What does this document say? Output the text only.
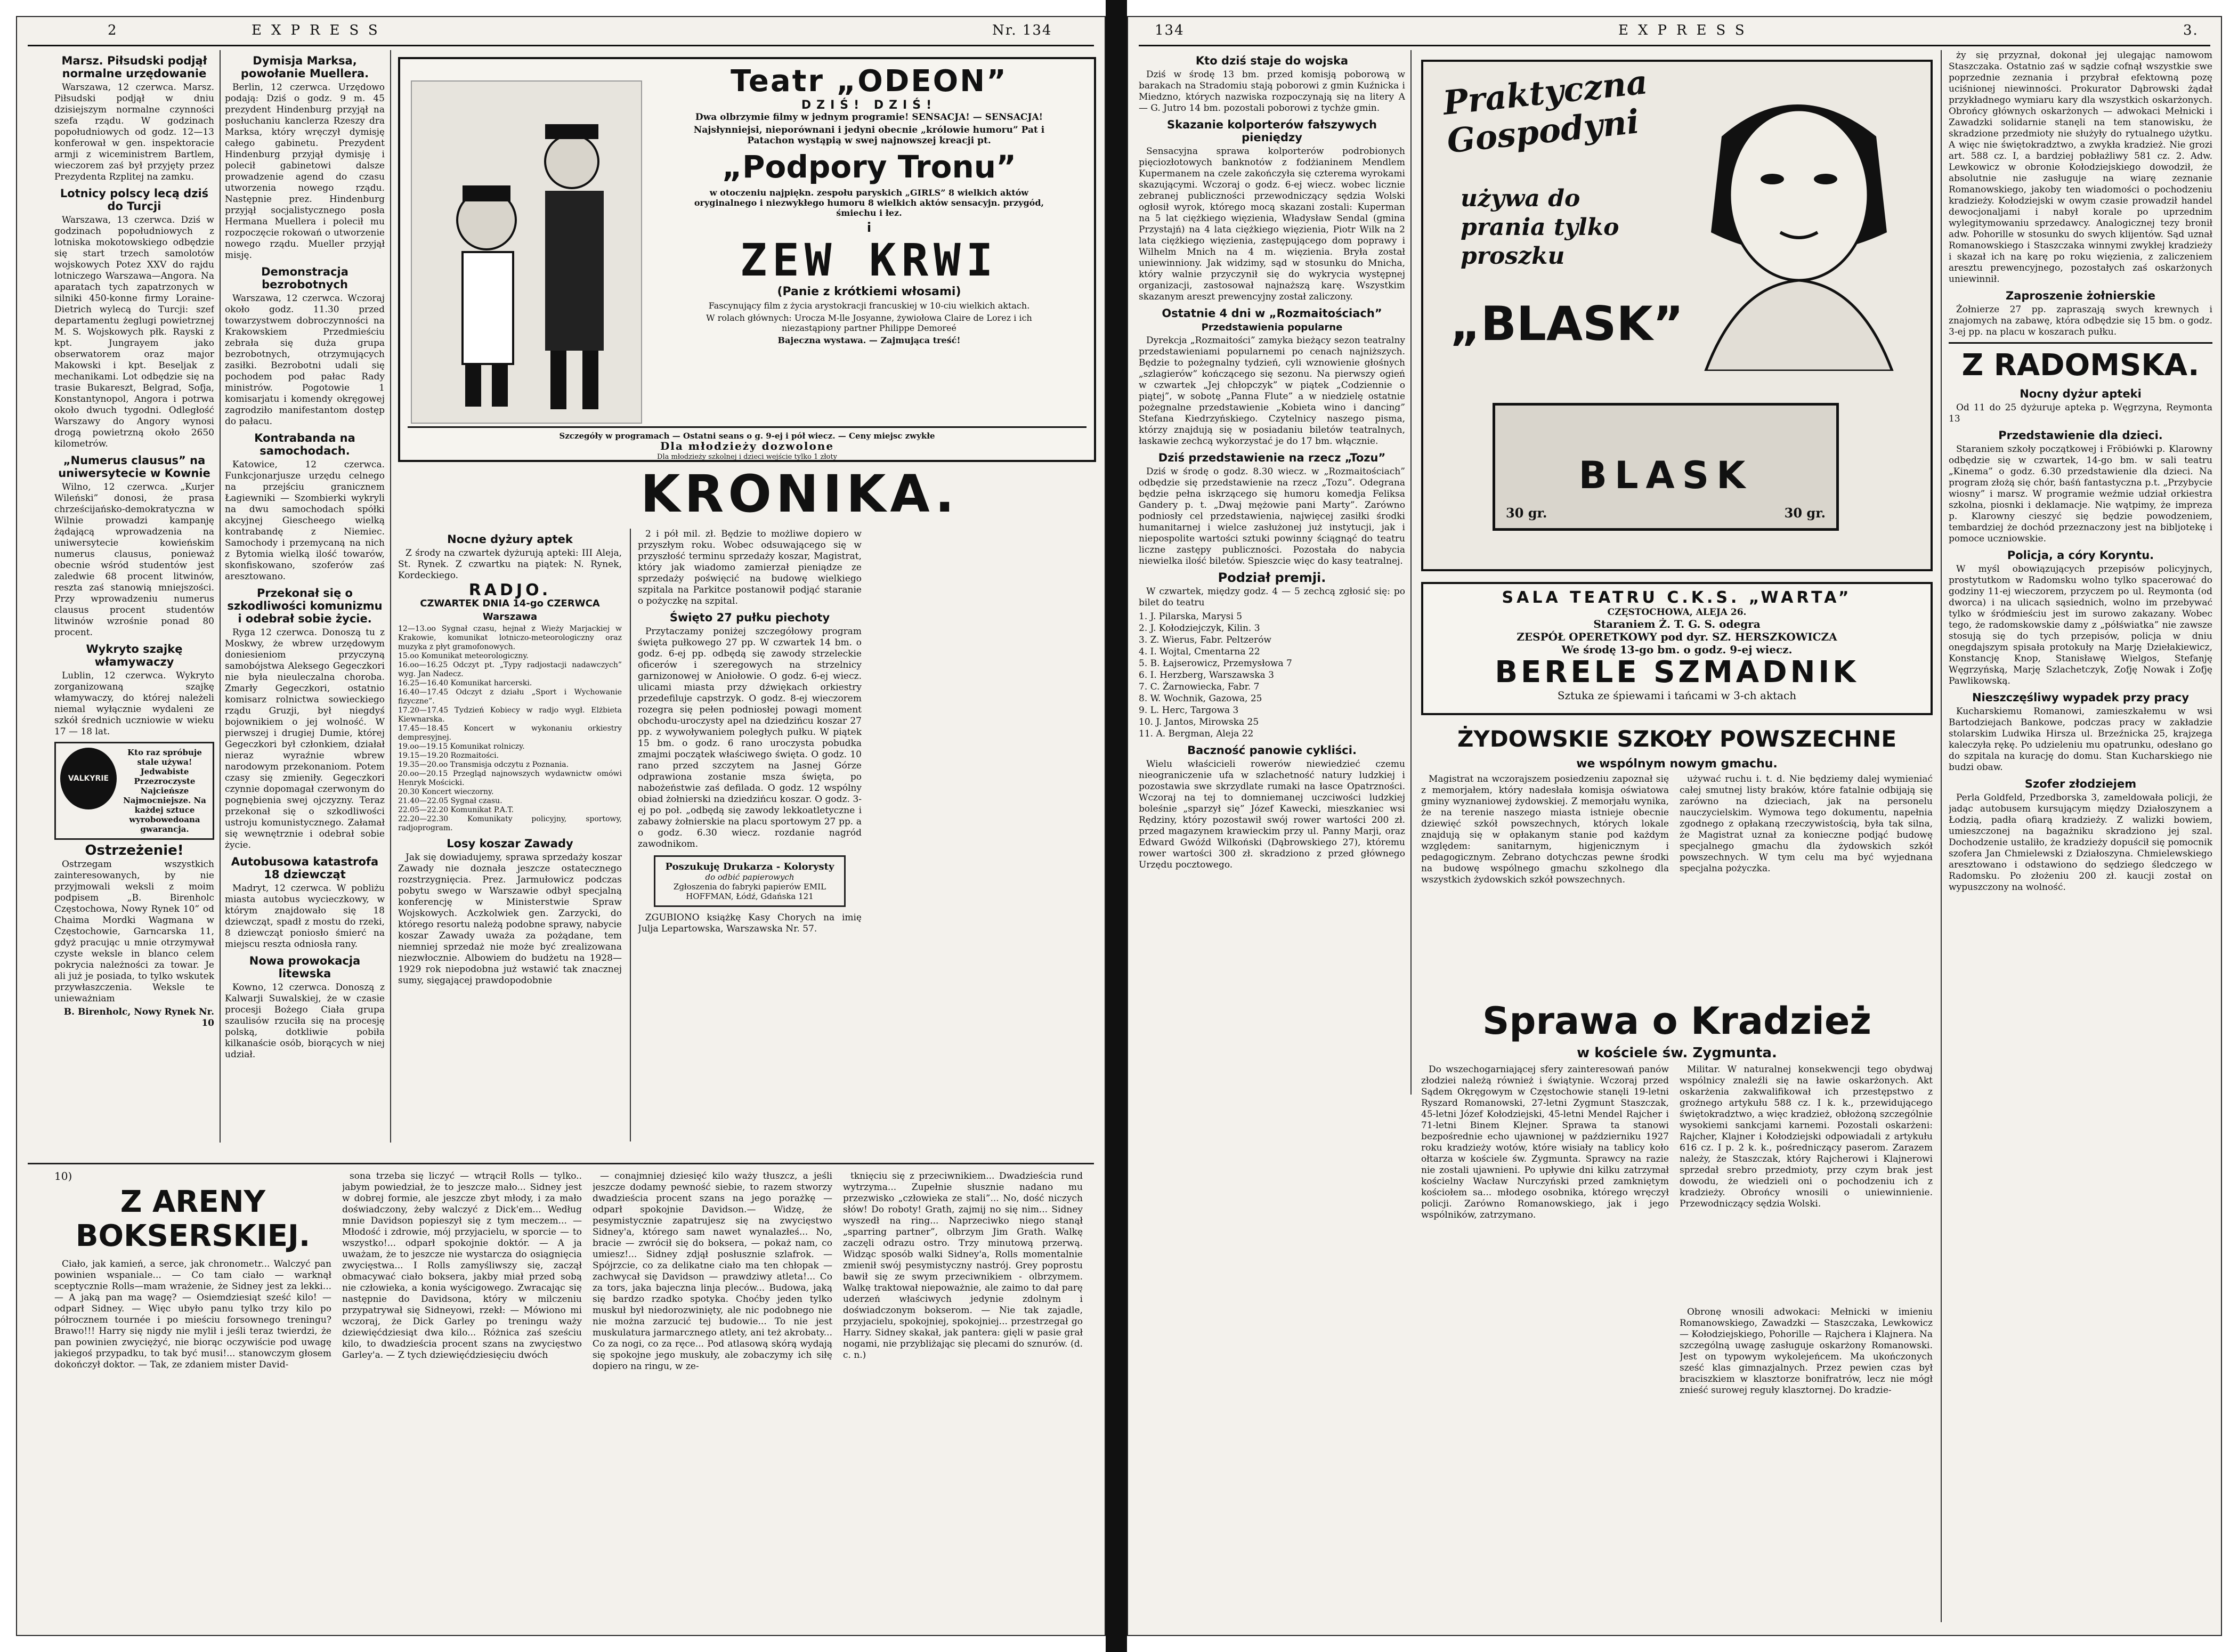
2	EXPRESS	Nr. 134
Marsz. Piłsudski podjął normalne urzędowanie

Warszawa, 12 czerwca. Marsz. Piłsudski podjął w dniu dzisiejszym normalne czynności szefa rządu. W godzinach popołudniowych od godz. 12—13 konferował w gen. inspektoracie armji z wiceministrem Bartlem, wieczorem zaś był przyjęty przez Prezydenta Rzplitej na zamku.

Lotnicy polscy lecą dziś do Turcji

Warszawa, 13 czerwca. Dziś w godzinach popołudniowych z lotniska mokotowskiego odbędzie się start trzech samolotów wojskowych Potez XXV do rajdu lotniczego Warszawa—Angora. Na aparatach tych zapatrzonych w silniki 450-konne firmy Loraine-Dietrich wylecą do Turcji: szef departamentu żeglugi powietrznej M. S. Wojskowych płk. Rayski z kpt. Jungrayem jako obserwatorem oraz major Makowski i kpt. Beseljak z mechanikami. Lot odbędzie się na trasie Bukareszt, Belgrad, Sofja, Konstantynopol, Angora i potrwa około dwuch tygodni. Odległość Warszawy do Angory wynosi drogą powietrzną około 2650 kilometrów.

„Numerus clausus” na uniwersytecie w Kownie

Wilno, 12 czerwca. „Kurjer Wileński” donosi, że prasa chrześcijańsko-demokratyczna w Wilnie prowadzi kampanję żądającą wprowadzenia na uniwersytecie kowieńskim numerus clausus, ponieważ obecnie wśród studentów jest zaledwie 68 procent litwinów, reszta zaś stanowią mniejszości. Przy wprowadzeniu numerus clausus procent studentów litwinów wzrośnie ponad 80 procent.

Wykryto szajkę włamywaczy

Lublin, 12 czerwca. Wykryto zorganizowaną szajkę włamywaczy, do której należeli niemal wyłącznie wydaleni ze szkół średnich uczniowie w wieku 17 — 18 lat.

VALKYRIE
Kto raz spróbuje stale używa! Jedwabiste Przezroczyste Najcieńsze Najmocniejsze. Na każdej sztuce wyrobowedoana gwarancja.
Ostrzeżenie!

Ostrzegam wszystkich zainteresowanych, by nie przyjmowali weksli z moim podpisem „B. Birenholc Częstochowa, Nowy Rynek 10” od Chaima Mordki Wagmana w Częstochowie, Garncarska 11, gdyż pracując u mnie otrzymywał czyste weksle in blanco celem pokrycia należności za towar. Je ali już je posiada, to tylko wskutek przywłaszczenia. Weksle te unieważniam

B. Birenholc, Nowy Rynek Nr. 10
Dymisja Marksa, powołanie Muellera.

Berlin, 12 czerwca. Urzędowo podają: Dziś o godz. 9 m. 45 prezydent Hindenburg przyjął na posłuchaniu kanclerza Rzeszy dra Marksa, który wręczył dymisję całego gabinetu. Prezydent Hindenburg przyjął dymisję i polecił gabinetowi dalsze prowadzenie agend do czasu utworzenia nowego rządu. Następnie prez. Hindenburg przyjął socjalistycznego posła Hermana Muellera i polecił mu rozpoczęcie rokowań o utworzenie nowego rządu. Mueller przyjął misję.

Demonstracja bezrobotnych

Warszawa, 12 czerwca. Wczoraj około godz. 11.30 przed towarzystwem dobroczynności na Krakowskiem Przedmieściu zebrała się duża grupa bezrobotnych, otrzymujących zasiłki. Bezrobotni udali się pochodem pod pałac Rady ministrów. Pogotowie 1 komisarjatu i komendy okręgowej zagrodziło manifestantom dostęp do pałacu.

Kontrabanda na samochodach.

Katowice, 12 czerwca. Funkcjonarjusze urzędu celnego na przejściu granicznem Łagiewniki — Szombierki wykryli na dwu samochodach spółki akcyjnej Giescheego wielką kontrabandę z Niemiec. Samochody i przemycaną na nich z Bytomia wielką ilość towarów, skonfiskowano, szoferów zaś aresztowano.

Przekonał się o szkodliwości komunizmu i odebrał sobie życie.

Ryga 12 czerwca. Donoszą tu z Moskwy, że wbrew urzędowym doniesieniom przyczyną samobójstwa Aleksego Gegeczkori nie była nieuleczalna choroba. Zmarły Gegeczkori, ostatnio komisarz rolnictwa sowieckiego rządu Gruzji, był niegdyś bojownikiem o jej wolność. W pierwszej i drugiej Dumie, której Gegeczkori był członkiem, działał nieraz wyraźnie wbrew narodowym przekonaniom. Potem czasy się zmieniły. Gegeczkori czynnie dopomagał czerwonym do pognębienia swej ojczyzny. Teraz przekonał się o szkodliwości ustroju komunistycznego. Załamał się wewnętrznie i odebrał sobie życie.

Autobusowa katastrofa 18 dziewcząt

Madryt, 12 czerwca. W pobliżu miasta autobus wycieczkowy, w którym znajdowało się 18 dziewcząt, spadł z mostu do rzeki, 8 dziewcząt poniosło śmierć na miejscu reszta odniosła rany.

Nowa prowokacja litewska

Kowno, 12 czerwca. Donoszą z Kalwarji Suwalskiej, że w czasie procesji Bożego Ciała grupa szaulisów rzuciła się na procesję polską, dotkliwie pobiła kilkanaście osób, biorących w niej udział.

Teatr „ODEON”
DZIŚ! DZIŚ!
Dwa olbrzymie filmy w jednym programie! SENSACJA! — SENSACJA!
Najsłynniejsi, nieporównani i jedyni obecnie „królowie humoru” Pat i Patachon wystąpią w swej najnowszej kreacji pt.
„Podpory Tronu”
w otoczeniu najpiękn. zespołu paryskich „GIRLS” 8 wielkich aktów oryginalnego i niezwykłego humoru 8 wielkich aktów sensacyjn. przygód, śmiechu i łez.
i
ZEW KRWI
(Panie z krótkiemi włosami)
Fascynujący film z życia arystokracji francuskiej w 10-ciu wielkich aktach.
W rolach głównych: Urocza M-lle Josyanne, żywiołowa Claire de Lorez i ich niezastąpiony partner Philippe Demoreé
Bajeczna wystawa. — Zajmująca treść!
Szczegóły w programach — Ostatni seans o g. 9-ej i pół wiecz. — Ceny miejsc zwykłe
Dla młodzieży dozwolone
Dla młodzieży szkolnej i dzieci wejście tylko 1 złoty
KRONIKA.
Nocne dyżury aptek

Z środy na czwartek dyżurują apteki: III Aleja, St. Rynek. Z czwartku na piątek: N. Rynek, Kordeckiego.

RADJO.
CZWARTEK DNIA 14-go CZERWCA
Warszawa
12—13.oo Sygnał czasu, hejnał z Wieży Marjackiej w Krakowie, komunikat lotniczo-meteorologiczny oraz muzyka z płyt gramofonowych.
15.oo Komunikat meteorologiczny.
16.oo—16.25 Odczyt pt. „Typy radjostacji nadawczych” wyg. Jan Nadecz.
16.25—16.40 Komunikat harcerski.
16.40—17.45 Odczyt z działu „Sport i Wychowanie fizyczne”.
17.20—17.45 Tydzień Kobiecy w radjo wygł. Elżbieta Kiewnarska.
17.45—18.45 Koncert w wykonaniu orkiestry dempresyjnej.
19.oo—19.15 Komunikat rolniczy.
19.15—19.20 Rozmaitości.
19.35—20.oo Transmisja odczytu z Poznania.
20.oo—20.15 Przegląd najnowszych wydawnictw omówi Henryk Mościcki.
20.30 Koncert wieczorny.
21.40—22.05 Sygnał czasu.
22.05—22.20 Komunikat P.A.T.
22.20—22.30 Komunikaty policyjny, sportowy, radjoprogram.
Losy koszar Zawady

Jak się dowiadujemy, sprawa sprzedaży koszar Zawady nie doznała jeszcze ostatecznego rozstrzygnięcia. Prez. Jarmułowicz podczas pobytu swego w Warszawie odbył specjalną konferencję w Ministerstwie Spraw Wojskowych. Aczkolwiek gen. Zarzycki, do którego resortu należą podobne sprawy, nabycie koszar Zawady uważa za pożądane, tem niemniej sprzedaż nie może być zrealizowana niezwłocznie. Albowiem do budżetu na 1928—1929 rok niepodobna już wstawić tak znacznej sumy, sięgającej prawdopodobnie

2 i pół mil. zł. Będzie to możliwe dopiero w przyszłym roku. Wobec odsuwającego się w przyszłość terminu sprzedaży koszar, Magistrat, który jak wiadomo zamierzał pieniądze ze sprzedaży poświęcić na budowę wielkiego szpitala na Parkitce postanowił podjąć staranie o pożyczkę na szpital.

Święto 27 pułku piechoty

Przytaczamy poniżej szczegółowy program święta pułkowego 27 pp. W czwartek 14 bm. o godz. 6-ej pp. odbędą się zawody strzeleckie oficerów i szeregowych na strzelnicy garnizonowej w Aniołowie. O godz. 6-ej wiecz. ulicami miasta przy dźwiękach orkiestry przedefiluje capstrzyk. O godz. 8-ej wieczorem rozegra się pełen podniosłej powagi moment obchodu-uroczysty apel na dziedzińcu koszar 27 pp. z wywoływaniem poległych pułku. W piątek 15 bm. o godz. 6 rano uroczysta pobudka zmajmi początek właściwego święta. O godz. 10 rano przed szczytem na Jasnej Górze odprawiona zostanie msza święta, po nabożeństwie zaś defilada. O godz. 12 wspólny obiad żołnierski na dziedzińcu koszar. O godz. 3-ej po poł. „odbędą się zawody lekkoatletyczne i zabawy żołnierskie na placu sportowym 27 pp. a o godz. 6.30 wiecz. rozdanie nagród zawodnikom.

Poszukuję Drukarza - Kolorysty
do odbić papierowych
Zgłoszenia do fabryki papierów EMIL HOFFMAN, Łódź, Gdańska 121

ZGUBIONO książkę Kasy Chorych na imię Julja Lepartowska, Warszawska Nr. 57.

10)
Z ARENY BOKSERSKIEJ.

Ciało, jak kamień, a serce, jak chronometr... Walczyć pan powinien wspaniale... — Co tam ciało — warknął sceptycznie Rolls—mam wrażenie, że Sidney jest za lekki... — A jaką pan ma wagę? — Osiemdziesiąt sześć kilo! — odparł Sidney. — Więc ubyło panu tylko trzy kilo po półrocznem tournée i po mieściu forsownego treningu? Brawo!!! Harry się nigdy nie mylił i jeśli teraz twierdzi, że pan powinien zwyciężyć, nie biorąc oczywiście pod uwagę jakiegoś przypadku, to tak być musi!... stanowczym głosem dokończył doktor. — Tak, ze zdaniem mister David-

sona trzeba się liczyć — wtrącił Rolls — tylko.. jabym powiedział, że to jeszcze mało... Sidney jest w dobrej formie, ale jeszcze zbyt młody, i za mało doświadczony, żeby walczyć z Dick'em... Według mnie Davidson popieszył się z tym meczem... — Młodość i zdrowie, mój przyjacielu, w sporcie — to wszystko!... odparł spokojnie doktór. — A ja uważam, że to jeszcze nie wystarcza do osiągnięcia zwycięstwa... I Rolls zamyśliwszy się, zaczął obmacywać ciało boksera, jakby miał przed sobą nie człowieka, a konia wyścigowego. Zwracając się następnie do Davidsona, który w milczeniu przypatrywał się Sidneyowi, rzekł: — Mówiono mi wczoraj, że Dick Garley po treningu waży dziewięćdziesiąt dwa kilo... Różnica zaś sześciu kilo, to dwadzieścia procent szans na zwycięstwo Garley'a. — Z tych dziewięćdziesięciu dwóch

— conajmniej dziesięć kilo waży tłuszcz, a jeśli jeszcze dodamy pewność siebie, to razem stworzy dwadzieścia procent szans na jego porażkę — odparł spokojnie Davidson.— Widzę, że pesymistycznie zapatrujesz się na zwycięstwo Sidney'a, którego sam nawet wynalazłeś... No, bracie — zwrócił się do boksera, — pokaż nam, co umiesz!... Sidney zdjął posłusznie szlafrok. — Spójrzcie, co za delikatne ciało ma ten chłopak — zachwycał się Davidson — prawdziwy atleta!... Co za tors, jaka bajeczna linja pleców... Budowa, jaką się bardzo rzadko spotyka. Choćby jeden tylko muskuł był niedorozwinięty, ale nic podobnego nie nie można zarzucić tej budowie... To nie jest muskulatura jarmarcznego atlety, ani też akrobaty... Co za nogi, co za ręce... Pod atlasową skórą wydają się spokojne jego muskuły, ale zobaczymy ich siłę dopiero na ringu, w ze-

tknięciu się z przeciwnikiem... Dwadzieścia rund wytrzyma... Zupełnie słusznie nadano mu przezwisko „człowieka ze stali”... No, dość niczych słów! Do roboty! Grath, zajmij no się nim... Sidney wyszedł na ring... Naprzeciwko niego stanął „sparring partner”, olbrzym Jim Grath. Walkę zaczęli odrazu ostro. Trzy minutową przerwą. Widząc sposób walki Sidney'a, Rolls momentalnie zmienił swój pesymistyczny nastrój. Grey poprostu bawił się ze swym przeciwnikiem - olbrzymem. Walkę traktował niepoważnie, ale zaimo to dał parę uderzeń właściwych jedynie zdolnym i doświadczonym bokserom. — Nie tak zajadle, przyjacielu, spokojniej, spokojniej... przestrzegał go Harry. Sidney skakał, jak pantera: gięli w pasie grał nogami, nie przybliżając się plecami do sznurów. (d. c. n.)

134	EXPRESS	3.
Kto dziś staje do wojska

Dziś w środę 13 bm. przed komisją poborową w barakach na Stradomiu stają poborowi z gmin Kuźnicka i Miedzno, których nazwiska rozpoczynają się na litery A — G. Jutro 14 bm. pozostali poborowi z tychże gmin.

Skazanie kolporterów fałszywych pieniędzy

Sensacyjna sprawa kolporterów podrobionych pięciozłotowych banknotów z fodżianinem Mendlem Kupermanem na czele zakończyła się czterema wyrokami skazującymi. Wczoraj o godz. 6-ej wiecz. wobec licznie zebranej publiczności przewodniczący sędzia Wolski ogłosił wyrok, którego mocą skazani zostali: Kuperman na 5 lat ciężkiego więzienia, Władysław Sendal (gmina Przystajń) na 4 lata ciężkiego więzienia, Piotr Wilk na 2 lata ciężkiego więzienia, zastępującego dom poprawy i Wilhelm Mnich na 4 m. więzienia. Bryła został uniewinniony. Jak widzimy, sąd w stosunku do Mnicha, który walnie przyczynił się do wykrycia występnej organizacji, zastosował najnaższą karę. Wszystkim skazanym areszt prewencyjny został zaliczony.

Ostatnie 4 dni w „Rozmaitościach”
Przedstawienia popularne

Dyrekcja „Rozmaitości” zamyka bieżący sezon teatralny przedstawieniami popularnemi po cenach najniższych. Będzie to pożegnalny tydzień, cyli wznowienie głośnych „szlagierów” kończącego się sezonu. Na pierwszy ogień w czwartek „Jej chłopczyk” w piątek „Codziennie o piątej”, w sobotę „Panna Flute” a w niedzielę ostatnie pożegnalne przedstawienie „Kobieta wino i dancing” Stefana Kiedrzyńskiego. Czytelnicy naszego pisma, którzy znajdują się w posiadaniu biletów teatralnych, łaskawie zechcą wykorzystać je do 17 bm. włącznie.

Dziś przedstawienie na rzecz „Tozu”

Dziś w środę o godz. 8.30 wiecz. w „Rozmaitościach” odbędzie się przedstawienie na rzecz „Tozu”. Odegrana będzie pełna iskrzącego się humoru komedja Feliksa Gandery p. t. „Dwaj mężowie pani Marty”. Zarówno podniosły cel przedstawienia, najwięcej zasiłki środki humanitarnej i wielce zasłużonej już instytucji, jak i niepospolite wartości sztuki powinny ściągnąć do teatru liczne zastępy publiczności. Pozostała do nabycia niewielka ilość biletów. Spieszcie więc do kasy teatralnej.

Podział premji.

W czwartek, między godz. 4 — 5 zechcą zgłosić się: po bilet do teatru

1. J. Pilarska, Marysi 5
2. J. Kołodziejczyk, Kilin. 3
3. Z. Wierus, Fabr. Peltzerów
4. I. Wojtal, Cmentarna 22
5. B. Łajserowicz, Przemysłowa 7
6. I. Herzberg, Warszawska 3
7. C. Żarnowiecka, Fabr. 7
8. W. Wochnik, Gazowa, 25
9. L. Herc, Targowa 3
10. J. Jantos, Mirowska 25
11. A. Bergman, Aleja 22
Baczność panowie cykliści.

Wielu właścicieli rowerów niewiedzieć czemu nieograniczenie ufa w szlachetność natury ludzkiej i pozostawia swe skrzydlate rumaki na łasce Opatrzności. Wczoraj na tej to domniemanej uczciwości ludzkiej boleśnie „sparzył się” Józef Kawecki, mieszkaniec wsi Rędziny, który pozostawił swój rower wartości 200 zł. przed magazynem krawieckim przy ul. Panny Marji, oraz Edward Gwóźd Wilkoński (Dąbrowskiego 27), któremu rower wartości 300 zł. skradziono z przed głównego Urzędu pocztowego.

Praktyczna Gospodyni
używa do prania tylko proszku
„BLASK”
BLASK
30 gr.	30 gr.
SALA TEATRU C.K.S. „WARTA”
CZĘSTOCHOWA, ALEJA 26.
Staraniem Ż. T. G. S. odegra
ZESPÓŁ OPERETKOWY pod dyr. SZ. HERSZKOWICZA
We środę 13-go bm. o godz. 9-ej wiecz.
BERELE SZMADNIK
Sztuka ze śpiewami i tańcami w 3-ch aktach
ŻYDOWSKIE SZKOŁY POWSZECHNE
we wspólnym nowym gmachu.

Magistrat na wczorajszem posiedzeniu zapoznał się z memorjałem, który nadesłała komisja oświatowa gminy wyznaniowej żydowskiej. Z memorjału wynika, że na terenie naszego miasta istnieje obecnie dziewięć szkół powszechnych, których lokale znajdują się w opłakanym stanie pod każdym względem: sanitarnym, higjenicznym i pedagogicznym. Zebrano dotychczas pewne środki na budowę wspólnego gmachu szkolnego dla wszystkich żydowskich szkół powszechnych.

używać ruchu i. t. d. Nie będziemy dalej wymieniać całej smutnej listy braków, które fatalnie odbijają się zarówno na dzieciach, jak na personelu nauczycielskim. Wymowa tego dokumentu, napełnia zgodnego z opłakaną rzeczywistością, była tak silna, że Magistrat uznał za konieczne podjąć budowę specjalnego gmachu dla żydowskich szkół powszechnych. W tym celu ma być wyjednana specjalna pożyczka.

Sprawa o Kradzież
w kościele św. Zygmunta.

Do wszechogarniającej sfery zainteresowań panów złodziei należą również i świątynie. Wczoraj przed Sądem Okręgowym w Częstochowie stanęli 19-letni Ryszard Romanowski, 27-letni Zygmunt Staszczak, 45-letni Józef Kołodziejski, 45-letni Mendel Rajcher i 71-letni Binem Klejner. Sprawa ta stanowi bezpośrednie echo ujawnionej w październiku 1927 roku kradzieży wotów, które wisiały na tablicy koło ołtarza w kościele św. Zygmunta. Sprawcy na razie nie zostali ujawnieni. Po upływie dni kilku zatrzymał kościelny Wacław Nurczyński przed zamkniętym kościołem sa... młodego osobnika, którego wręczył policji. Zarówno Romanowskiego, jak i jego wspólników, zatrzymano.

Militar. W naturalnej konsekwencji tego obydwaj wspólnicy znaleźli się na ławie oskarżonych. Akt oskarżenia zakwalifikował ich przestępstwo z groźnego artykułu 588 cz. I k. k., przewidującego świętokradztwo, a więc kradzież, obłożoną szczególnie wysokiemi sankcjami karnemi. Pozostali oskarżeni: Rajcher, Klajner i Kołodziejski odpowiadali z artykułu 616 cz. I p. 2 k. k., pośredniczący paserom. Zarazem należy, że Staszczak, który Rajcherowi i Klajnerowi sprzedał srebro przedmioty, przy czym brak jest dowodu, że wiedzieli oni o pochodzeniu ich z kradzieży. Obrońcy wnosili o uniewinnienie. Przewodniczący sędzia Wolski.

Obronę wnosili adwokaci: Mełnicki w imieniu Romanowskiego, Zawadzki — Staszczaka, Lewkowicz — Kołodziejskiego, Pohorille — Rajchera i Klajnera. Na szczególną uwagę zasługuje oskarżony Romanowski. Jest on typowym wykolejeńcem. Ma ukończonych sześć klas gimnazjalnych. Przez pewien czas był braciszkiem w klasztorze bonifratrów, lecz nie mógł znieść surowej reguły klasztornej. Do kradzie-

ży się przyznał, dokonał jej ulegając namowom Staszczaka. Ostatnio zaś w sądzie cofnął wszystkie swe poprzednie zeznania i przybrał efektowną pozę uciśnionej niewinności. Prokurator Dąbrowski żądał przykładnego wymiaru kary dla wszystkich oskarżonych. Obrońcy głównych oskarżonych — adwokaci Mełnicki i Zawadzki solidarnie stanęli na tem stanowisku, że skradzione przedmioty nie służyły do rytualnego użytku. A więc nie świętokradztwo, a zwykła kradzież. Nie grozi art. 588 cz. I, a bardziej pobłażliwy 581 cz. 2. Adw. Lewkowicz w obronie Kołodziejskiego dowodził, że absolutnie nie zasługuje na wiarę zeznanie Romanowskiego, jakoby ten wiadomości o pochodzeniu kradzieży. Kołodziejski w owym czasie prowadził handel dewocjonaljami i nabył korale po uprzednim wylegitymowaniu sprzedawcy. Analogicznej tezy bronił adw. Pohorille w stosunku do swych klijentów. Sąd uznał Romanowskiego i Staszczaka winnymi zwykłej kradzieży i skazał ich na karę po roku więzienia, z zaliczeniem aresztu prewencyjnego, pozostałych zaś oskarżonych uniewinnił.

Zaproszenie żołnierskie

Żołnierze 27 pp. zapraszają swych krewnych i znajomych na zabawę, która odbędzie się 15 bm. o godz. 3-ej pp. na placu w koszarach pułku.

Z RADOMSKA.
Nocny dyżur apteki

Od 11 do 25 dyżuruje apteka p. Węgrzyna, Reymonta 13

Przedstawienie dla dzieci.

Staraniem szkoły początkowej i Fröbiówki p. Klarowny odbędzie się w czwartek, 14-go bm. w sali teatru „Kinema” o godz. 6.30 przedstawienie dla dzieci. Na program złożą się chór, baśń fantastyczna p.t. „Przybycie wiosny” i marsz. W programie weźmie udział orkiestra szkolna, piosnki i deklamacje. Nie wątpimy, że impreza p. Klarowny cieszyć się będzie powodzeniem, tembardziej że dochód przeznaczony jest na bibljotekę i pomoce uczniowskie.

Policja, a córy Koryntu.

W myśl obowiązujących przepisów policyjnych, prostytutkom w Radomsku wolno tylko spacerować do godziny 11-ej wieczorem, przyczem po ul. Reymonta (od dworca) i na ulicach sąsiednich, wolno im przebywać tylko w śródmieściu jest im surowo zakazany. Wobec tego, że radomskowskie damy z „półświatka” nie zawsze stosują się do tych przepisów, policja w dniu onegdajszym spisała protokuły na Marję Dziełakiewicz, Konstancję Knop, Stanisławę Wielgos, Stefanję Węgrzyńską, Marję Szlachetczyk, Zofję Nowak i Zofję Pawlikowską.

Nieszczęśliwy wypadek przy pracy

Kucharskiemu Romanowi, zamieszkałemu w wsi Bartodziejach Bankowe, podczas pracy w zakładzie stolarskim Ludwika Hirsza ul. Brzeźnicka 25, krajzega kaleczyła rękę. Po udzieleniu mu opatrunku, odesłano go do szpitala na kurację do domu. Stan Kucharskiego nie budzi obaw.

Szofer złodziejem

Perla Goldfeld, Przedborska 3, zameldowała policji, że jadąc autobusem kursującym między Działoszynem a Łodzią, padła ofiarą kradzieży. Z walizki bowiem, umieszczonej na bagażniku skradziono jej szal. Dochodzenie ustaliło, że kradzieży dopuścił się pomocnik szofera Jan Chmielewski z Działoszyna. Chmielewskiego aresztowano i odstawiono do sędziego śledczego w Radomsku. Po złożeniu 200 zł. kaucji został on wypuszczony na wolność.
